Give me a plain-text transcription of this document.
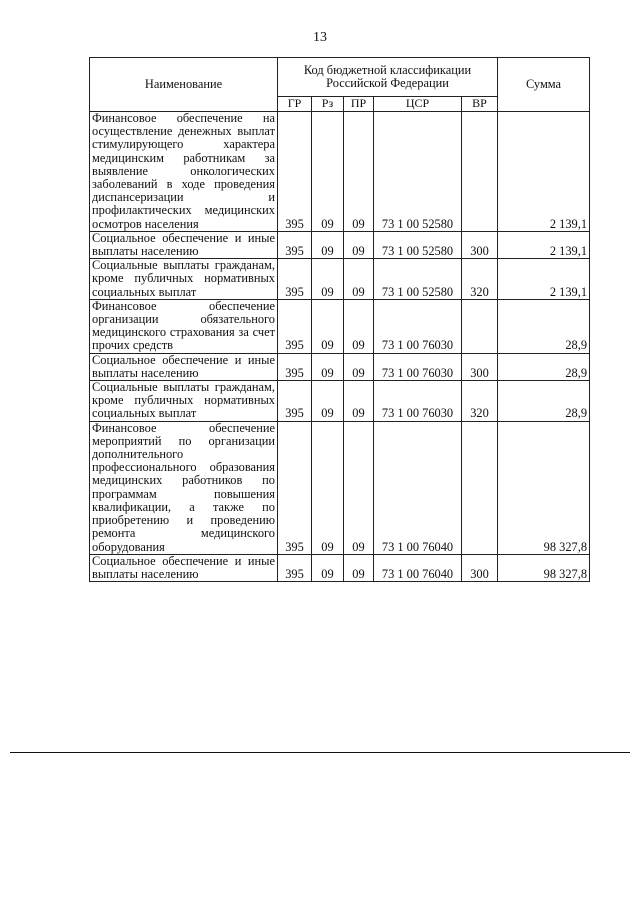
13
Наименование	Код бюджетной классификации Российской Федерации					Сумма
	ГР	Рз	ПР	ЦСР	ВР	
Финансовое обеспечение на осуществление денежных выплат стимулирующего характера медицинским работникам за выявление онкологических заболеваний в ходе проведения диспансеризации и профилактических медицинских осмотров населения	395	09	09	73 1 00 52580		2 139,1
Социальное обеспечение и иные выплаты населению	395	09	09	73 1 00 52580	300	2 139,1
Социальные выплаты гражданам, кроме публичных нормативных социальных выплат	395	09	09	73 1 00 52580	320	2 139,1
Финансовое обеспечение организации обязательного медицинского страхования за счет прочих средств	395	09	09	73 1 00 76030		28,9
Социальное обеспечение и иные выплаты населению	395	09	09	73 1 00 76030	300	28,9
Социальные выплаты гражданам, кроме публичных нормативных социальных выплат	395	09	09	73 1 00 76030	320	28,9
Финансовое обеспечение мероприятий по организации дополнительного профессионального образования медицинских работников по программам повышения квалификации, а также по приобретению и проведению ремонта медицинского оборудования	395	09	09	73 1 00 76040		98 327,8
Социальное обеспечение и иные выплаты населению	395	09	09	73 1 00 76040	300	98 327,8
